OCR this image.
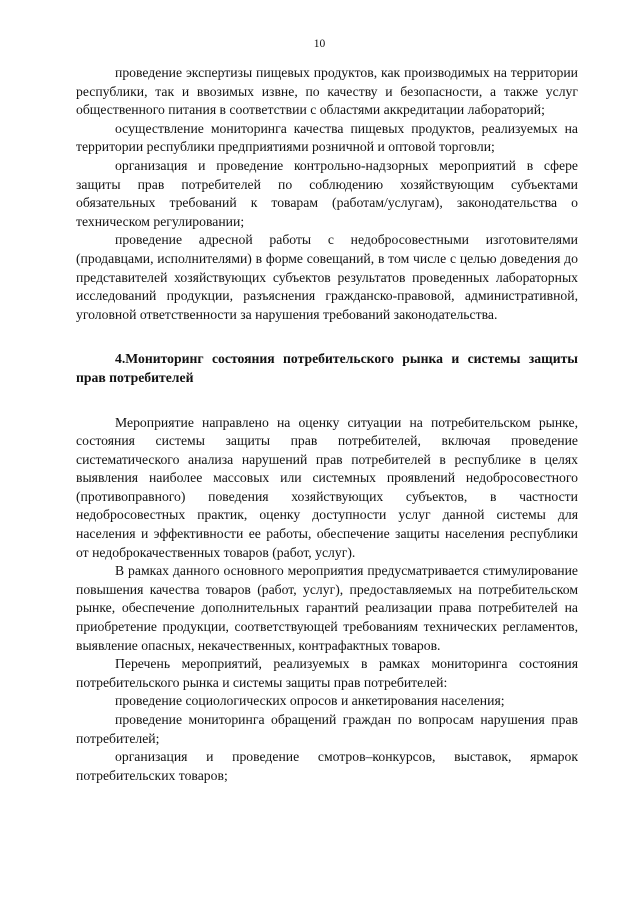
10

проведение экспертизы пищевых продуктов, как производимых на территории республики, так и ввозимых извне, по качеству и безопасности, а также услуг общественного питания в соответствии с областями аккредитации лабораторий;

осуществление мониторинга качества пищевых продуктов, реализуемых на территории республики предприятиями розничной и оптовой торговли;

организация и проведение контрольно-надзорных мероприятий в сфере защиты прав потребителей по соблюдению хозяйствующим субъектами обязательных требований к товарам (работам/услугам), законодательства о техническом регулировании;

проведение адресной работы с недобросовестными изготовителями (продавцами, исполнителями) в форме совещаний, в том числе с целью доведения до представителей хозяйствующих субъектов результатов проведенных лабораторных исследований продукции, разъяснения гражданско-правовой, административной, уголовной ответственности за нарушения требований законодательства.

4.Мониторинг состояния потребительского рынка и системы защиты прав потребителей

Мероприятие направлено на оценку ситуации на потребительском рынке, состояния системы защиты прав потребителей, включая проведение систематического анализа нарушений прав потребителей в республике в целях выявления наиболее массовых или системных проявлений недобросовестного (противоправного) поведения хозяйствующих субъектов, в частности недобросовестных практик, оценку доступности услуг данной системы для населения и эффективности ее работы, обеспечение защиты населения республики от недоброкачественных товаров (работ, услуг).

В рамках данного основного мероприятия предусматривается стимулирование повышения качества товаров (работ, услуг), предоставляемых на потребительском рынке, обеспечение дополнительных гарантий реализации права потребителей на приобретение продукции, соответствующей требованиям технических регламентов, выявление опасных, некачественных, контрафактных товаров.

Перечень мероприятий, реализуемых в рамках мониторинга состояния потребительского рынка и системы защиты прав потребителей:

проведение социологических опросов и анкетирования населения;

проведение мониторинга обращений граждан по вопросам нарушения прав потребителей;

организация и проведение смотров–конкурсов, выставок, ярмарок потребительских товаров;
